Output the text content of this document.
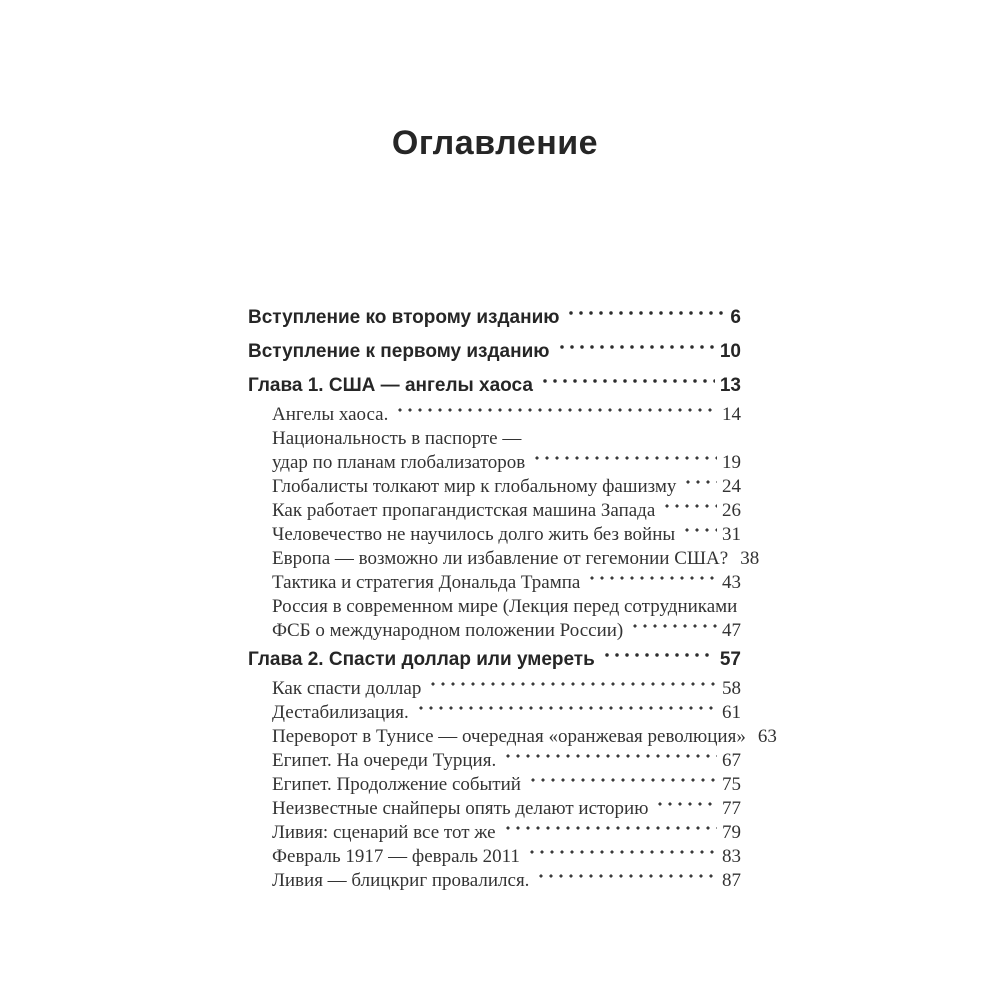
Оглавление
Вступление ко второму изданию	6
Вступление к первому изданию	10
Глава 1. США — ангелы хаоса	13
Ангелы хаоса.	14
Национальность в паспорте —
удар по планам глобализаторов	19
Глобалисты толкают мир к глобальному фашизму 24
Как работает пропагандистская машина Запада	26
Человечество не научилось долго жить без войны 31
Европа — возможно ли избавление от гегемонии США? 38
Тактика и стратегия Дональда Трампа	43
Россия в современном мире (Лекция перед сотрудниками
ФСБ о международном положении России)	47
Глава 2. Спасти доллар или умереть	57
Как спасти доллар	58
Дестабилизация.	61
Переворот в Тунисе — очередная «оранжевая революция» 63
Египет. На очереди Турция.	67
Египет. Продолжение событий	75
Неизвестные снайперы опять делают историю	77
Ливия: сценарий все тот же	79
Февраль 1917 — февраль 2011	83
Ливия — блицкриг провалился.	87
